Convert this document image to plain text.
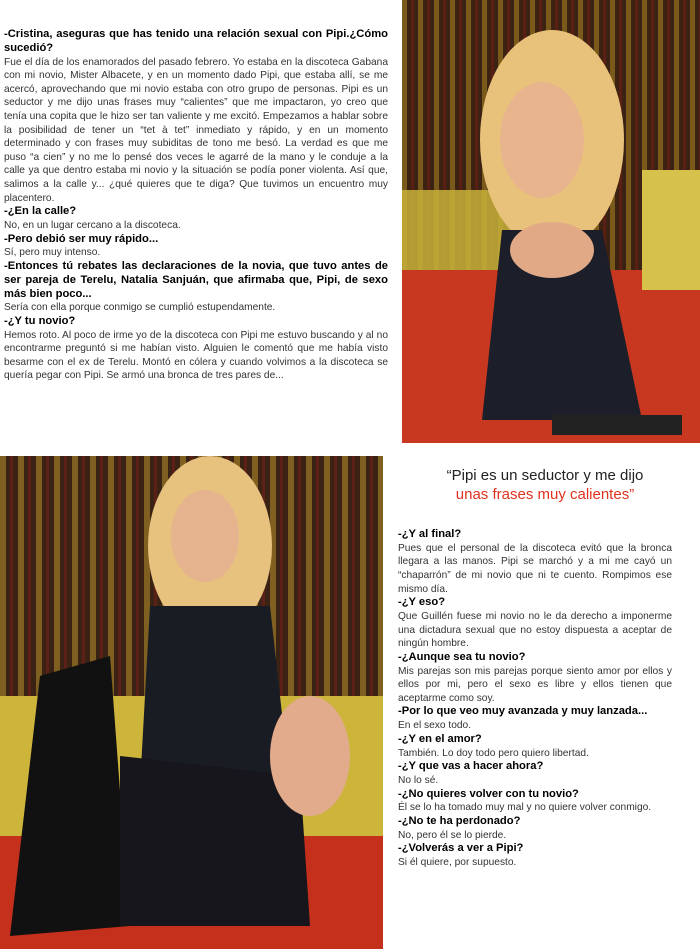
-Cristina, aseguras que has tenido una relación sexual con Pipi.¿Cómo sucedió?

Fue el día de los enamorados del pasado febrero. Yo estaba en la discoteca Gabana con mi novio, Mister Albacete, y en un momento dado Pipi, que estaba allí, se me acercó, aprovechando que mi novio estaba con otro grupo de personas. Pipi es un seductor y me dijo unas frases muy “calientes” que me impactaron, yo creo que tenía una copita que le hizo ser tan valiente y me excitó. Empezamos a hablar sobre la posibilidad de tener un “tet à tet” inmediato y rápido, y en un momento determinado y con frases muy subiditas de tono me besó. La verdad es que me puso “a cien” y no me lo pensé dos veces le agarré de la mano y le conduje a la calle ya que dentro estaba mi novio y la situación se podía poner violenta. Así que, salimos a la calle y... ¿qué quieres que te diga? Que tuvimos un encuentro muy placentero.

-¿En la calle?

No, en un lugar cercano a la discoteca.

-Pero debió ser muy rápido...

Sí, pero muy intenso.

-Entonces tú rebates las declaraciones de la novia, que tuvo antes de ser pareja de Terelu, Natalia Sanjuán, que afirmaba que, Pipi, de sexo más bien poco...

Sería con ella porque conmigo se cumplió estupendamente.

-¿Y tu novio?

Hemos roto. Al poco de irme yo de la discoteca con Pipi me estuvo buscando y al no encontrarme preguntó si me habían visto. Alguien le comentó que me había visto besarme con el ex de Terelu. Montó en cólera y cuando volvimos a la discoteca se quería pegar con Pipi. Se armó una bronca de tres pares de...

“Pipi es un seductor y me dijo
unas frases muy calientes”

-¿Y al final?

Pues que el personal de la discoteca evitó que la bronca llegara a las manos. Pipi se marchó y a mi me cayó un “chaparrón” de mi novio que ni te cuento. Rompimos ese mismo día.

-¿Y eso?

Que Guillén fuese mi novio no le da derecho a imponerme una dictadura sexual que no estoy dispuesta a aceptar de ningún hombre.

-¿Aunque sea tu novio?

Mis parejas son mis parejas porque siento amor por ellos y ellos por mi, pero el sexo es libre y ellos tienen que aceptarme como soy.

-Por lo que veo muy avanzada y muy lanzada...

En el sexo todo.

-¿Y en el amor?

También. Lo doy todo pero quiero libertad.

-¿Y que vas a hacer ahora?

No lo sé.

-¿No quieres volver con tu novio?

Él se lo ha tomado muy mal y no quiere volver conmigo.

-¿No te ha perdonado?

No, pero él se lo pierde.

-¿Volverás a ver a Pipi?

Si él quiere, por supuesto.
